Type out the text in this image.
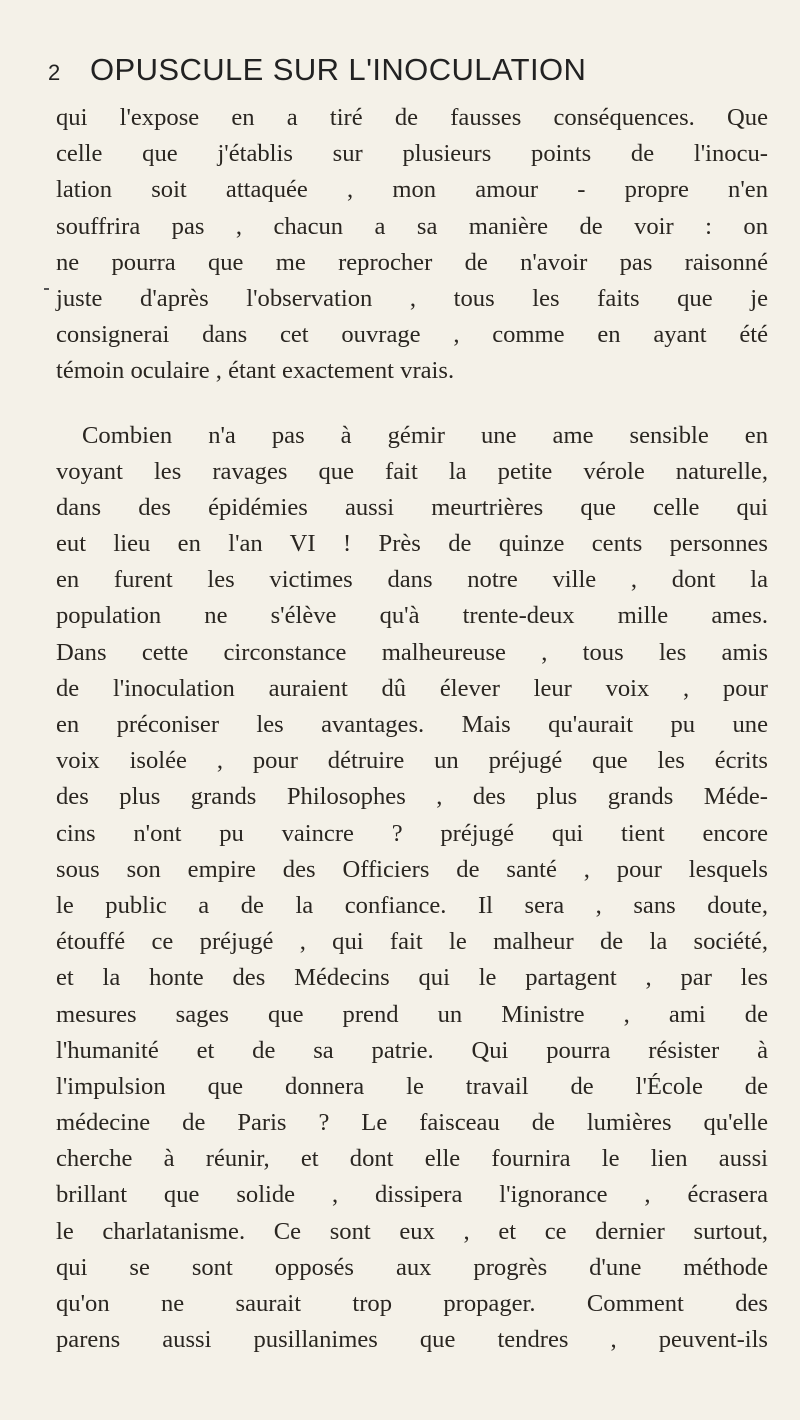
2 OPUSCULE SUR L'INOCULATION
qui l'expose en a tiré de fausses conséquences. Que
celle que j'établis sur plusieurs points de l'inocu-
lation soit attaquée , mon amour - propre n'en
souffrira pas , chacun a sa manière de voir : on
ne pourra que me reprocher de n'avoir pas raisonné
juste d'après l'observation , tous les faits que je
consignerai dans cet ouvrage , comme en ayant été
témoin oculaire , étant exactement vrais.
Combien n'a pas à gémir une ame sensible en
voyant les ravages que fait la petite vérole naturelle,
dans des épidémies aussi meurtrières que celle qui
eut lieu en l'an VI ! Près de quinze cents personnes
en furent les victimes dans notre ville , dont la
population ne s'élève qu'à trente-deux mille ames.
Dans cette circonstance malheureuse , tous les amis
de l'inoculation auraient dû élever leur voix , pour
en préconiser les avantages. Mais qu'aurait pu une
voix isolée , pour détruire un préjugé que les écrits
des plus grands Philosophes , des plus grands Méde-
cins n'ont pu vaincre ? préjugé qui tient encore
sous son empire des Officiers de santé , pour lesquels
le public a de la confiance. Il sera , sans doute,
étouffé ce préjugé , qui fait le malheur de la société,
et la honte des Médecins qui le partagent , par les
mesures sages que prend un Ministre , ami de
l'humanité et de sa patrie. Qui pourra résister à
l'impulsion que donnera le travail de l'École de
médecine de Paris ? Le faisceau de lumières qu'elle
cherche à réunir, et dont elle fournira le lien aussi
brillant que solide , dissipera l'ignorance , écrasera
le charlatanisme. Ce sont eux , et ce dernier surtout,
qui se sont opposés aux progrès d'une méthode
qu'on ne saurait trop propager. Comment des
parens aussi pusillanimes que tendres , peuvent-ils
